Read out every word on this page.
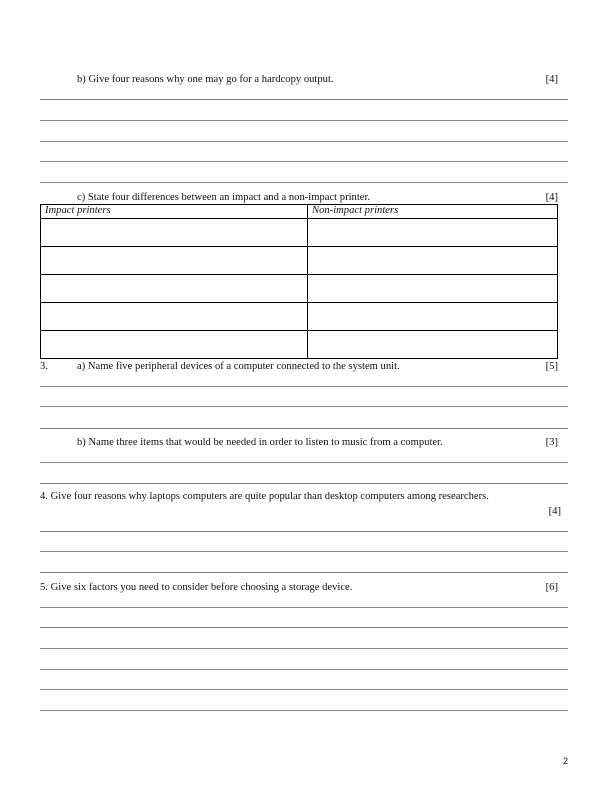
b) Give four reasons why one may go for a hardcopy output.	[4]
c) State four differences between an impact and a non-impact printer.	[4]
Impact printers	Non-impact printers

3.	a) Name five peripheral devices of a computer connected to the system unit.	[5]
b) Name three items that would be needed in order to listen to music from a computer.	[3]
4. Give four reasons why laptops computers are quite popular than desktop computers among researchers.
[4]
5. Give six factors you need to consider before choosing a storage device.	[6]
2
